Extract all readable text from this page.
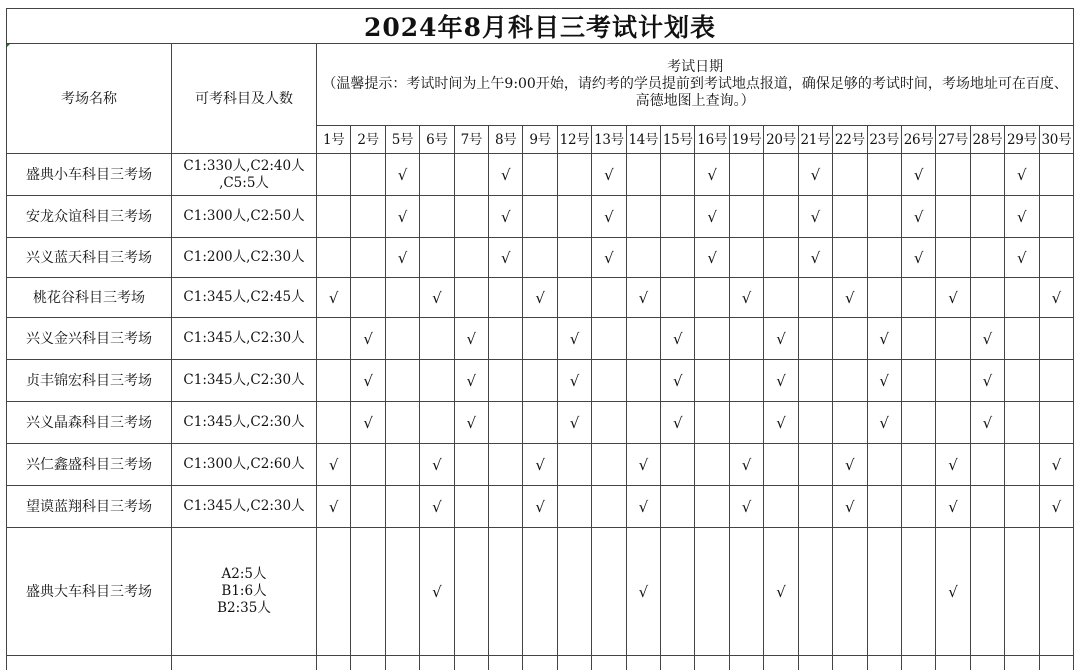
2024年8月科目三考试计划表
考场名称	可考科目及人数	考试日期
（温馨提示：考试时间为上午9:00开始，请约考的学员提前到考试地点报道，确保足够的考试时间，考场地址可在百度、高德地图上查询。）																					

		1号	2号	5号	6号	7号	8号	9号	12号	13号	14号	15号	16号	19号	20号	21号	22号	23号	26号	27号	28号	29号	30号
盛典小车科目三考场	C1:330人,C2:40人
,C5:5人			√			√			√			√			√			√			√	
安龙众谊科目三考场	C1:300人,C2:50人			√			√			√			√			√			√			√	
兴义蓝天科目三考场	C1:200人,C2:30人			√			√			√			√			√			√			√	
桃花谷科目三考场	C1:345人,C2:45人	√			√			√			√			√			√			√			√
兴义金兴科目三考场	C1:345人,C2:30人		√			√			√			√			√			√			√		
贞丰锦宏科目三考场	C1:345人,C2:30人		√			√			√			√			√			√			√		
兴义晶森科目三考场	C1:345人,C2:30人		√			√			√			√			√			√			√		
兴仁鑫盛科目三考场	C1:300人,C2:60人	√			√			√			√			√			√			√			√
望谟蓝翔科目三考场	C1:345人,C2:30人	√			√			√			√			√			√			√			√
盛典大车科目三考场	A2:5人
B1:6人
B2:35人				√						√				√					√			
